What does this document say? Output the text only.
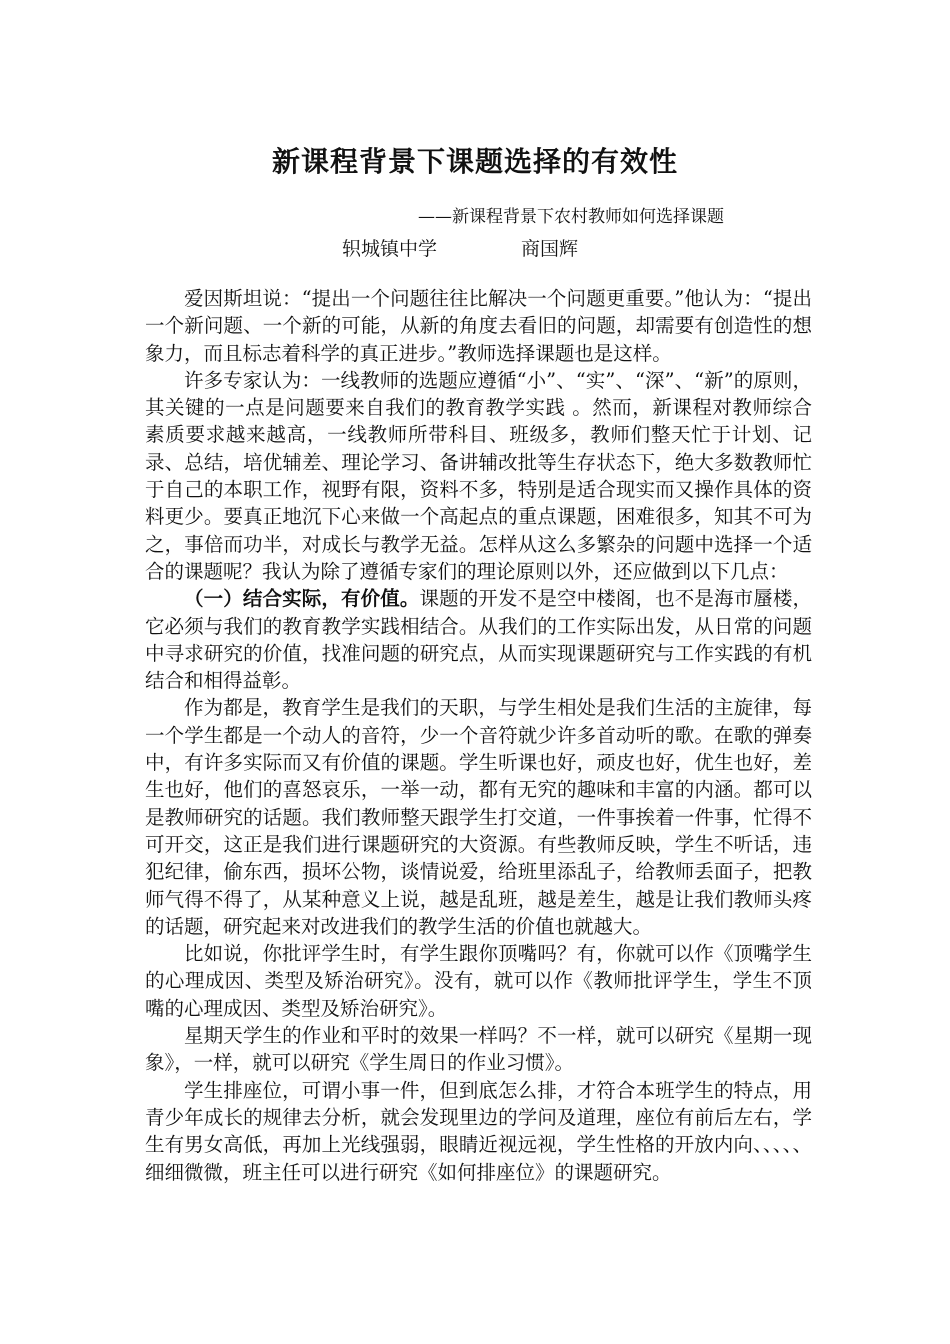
新课程背景下课题选择的有效性
——新课程背景下农村教师如何选择课题
轵城镇中学	商国辉

爱因斯坦说：“提出一个问题往往比解决一个问题更重要。”他认为：“提出一个新问题、一个新的可能，从新的角度去看旧的问题，却需要有创造性的想象力，而且标志着科学的真正进步。”教师选择课题也是这样。

许多专家认为：一线教师的选题应遵循“小”、“实”、“深”、“新”的原则，其关键的一点是问题要来自我们的教育教学实践 。然而，新课程对教师综合素质要求越来越高，一线教师所带科目、班级多，教师们整天忙于计划、记录、总结，培优辅差、理论学习、备讲辅改批等生存状态下，绝大多数教师忙于自己的本职工作，视野有限，资料不多，特别是适合现实而又操作具体的资料更少。要真正地沉下心来做一个高起点的重点课题，困难很多，知其不可为之，事倍而功半，对成长与教学无益。怎样从这么多繁杂的问题中选择一个适合的课题呢？我认为除了遵循专家们的理论原则以外，还应做到以下几点：

（一）结合实际，有价值。课题的开发不是空中楼阁，也不是海市蜃楼，它必须与我们的教育教学实践相结合。从我们的工作实际出发，从日常的问题中寻求研究的价值，找准问题的研究点，从而实现课题研究与工作实践的有机结合和相得益彰。

作为都是，教育学生是我们的天职，与学生相处是我们生活的主旋律，每一个学生都是一个动人的音符，少一个音符就少许多首动听的歌。在歌的弹奏中，有许多实际而又有价值的课题。学生听课也好，顽皮也好，优生也好，差生也好，他们的喜怒哀乐，一举一动，都有无究的趣味和丰富的内涵。都可以是教师研究的话题。我们教师整天跟学生打交道，一件事挨着一件事，忙得不可开交，这正是我们进行课题研究的大资源。有些教师反映，学生不听话，违犯纪律，偷东西，损坏公物，谈情说爱，给班里添乱子，给教师丢面子，把教师气得不得了，从某种意义上说，越是乱班，越是差生，越是让我们教师头疼的话题，研究起来对改进我们的教学生活的价值也就越大。

比如说，你批评学生时，有学生跟你顶嘴吗？有，你就可以作《顶嘴学生的心理成因、类型及矫治研究》。没有，就可以作《教师批评学生，学生不顶嘴的心理成因、类型及矫治研究》。

星期天学生的作业和平时的效果一样吗？不一样，就可以研究《星期一现象》，一样，就可以研究《学生周日的作业习惯》。

学生排座位，可谓小事一件，但到底怎么排，才符合本班学生的特点，用青少年成长的规律去分析，就会发现里边的学问及道理，座位有前后左右，学生有男女高低，再加上光线强弱，眼睛近视远视，学生性格的开放内向、、、、、细细微微，班主任可以进行研究《如何排座位》的课题研究。
